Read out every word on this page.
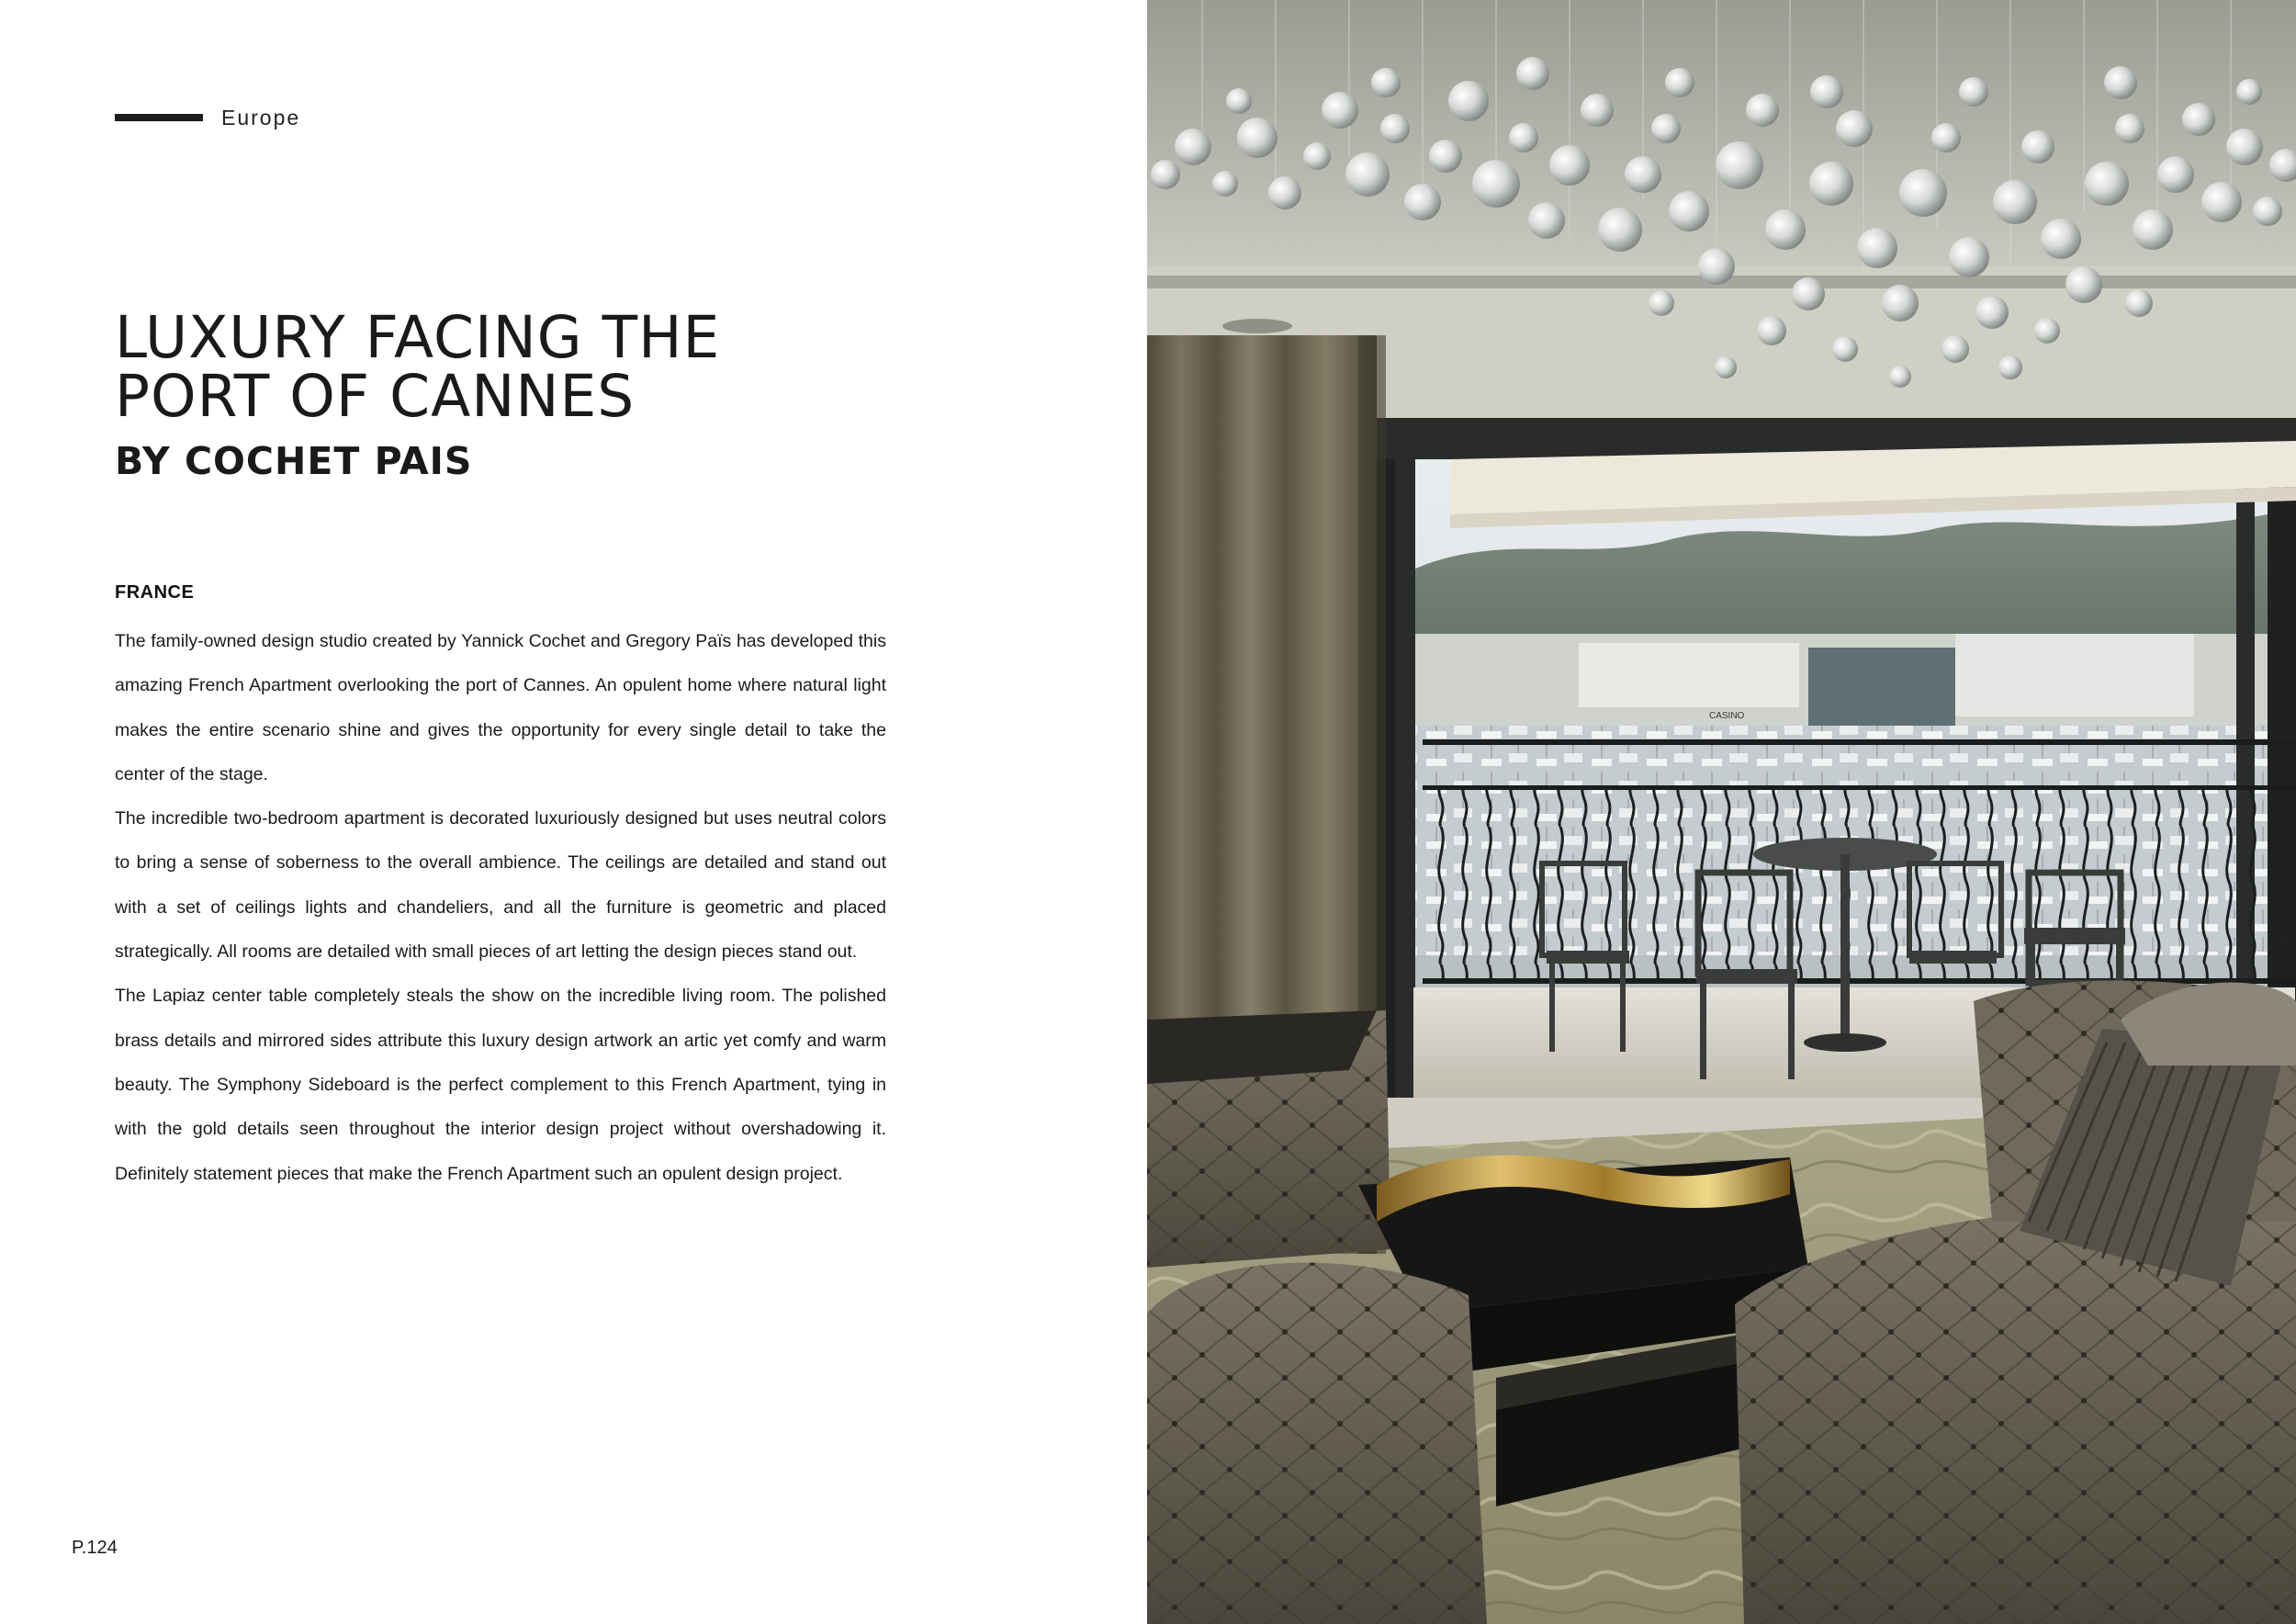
Europe
LUXURY FACING THE
PORT OF CANNES
BY COCHET PAIS
FRANCE

The family-owned design studio created by Yannick Cochet and Gregory Païs has developed this amazing French Apartment overlooking the port of Cannes. An opulent home where natural light makes the entire scenario shine and gives the opportunity for every single detail to take the center of the stage.

The incredible two-bedroom apartment is decorated luxuriously designed but uses neutral colors to bring a sense of soberness to the overall ambience. The ceilings are detailed and stand out with a set of ceilings lights and chandeliers, and all the furniture is geometric and placed strategically. All rooms are detailed with small pieces of art letting the design pieces stand out.

The Lapiaz center table completely steals the show on the incredible living room. The polished brass details and mirrored sides attribute this luxury design artwork an artic yet comfy and warm beauty. The Symphony Sideboard is the perfect complement to this French Apartment, tying in with the gold details seen throughout the interior design project without overshadowing it. Definitely statement pieces that make the French Apartment such an opulent design project.

P.124
CASINO
